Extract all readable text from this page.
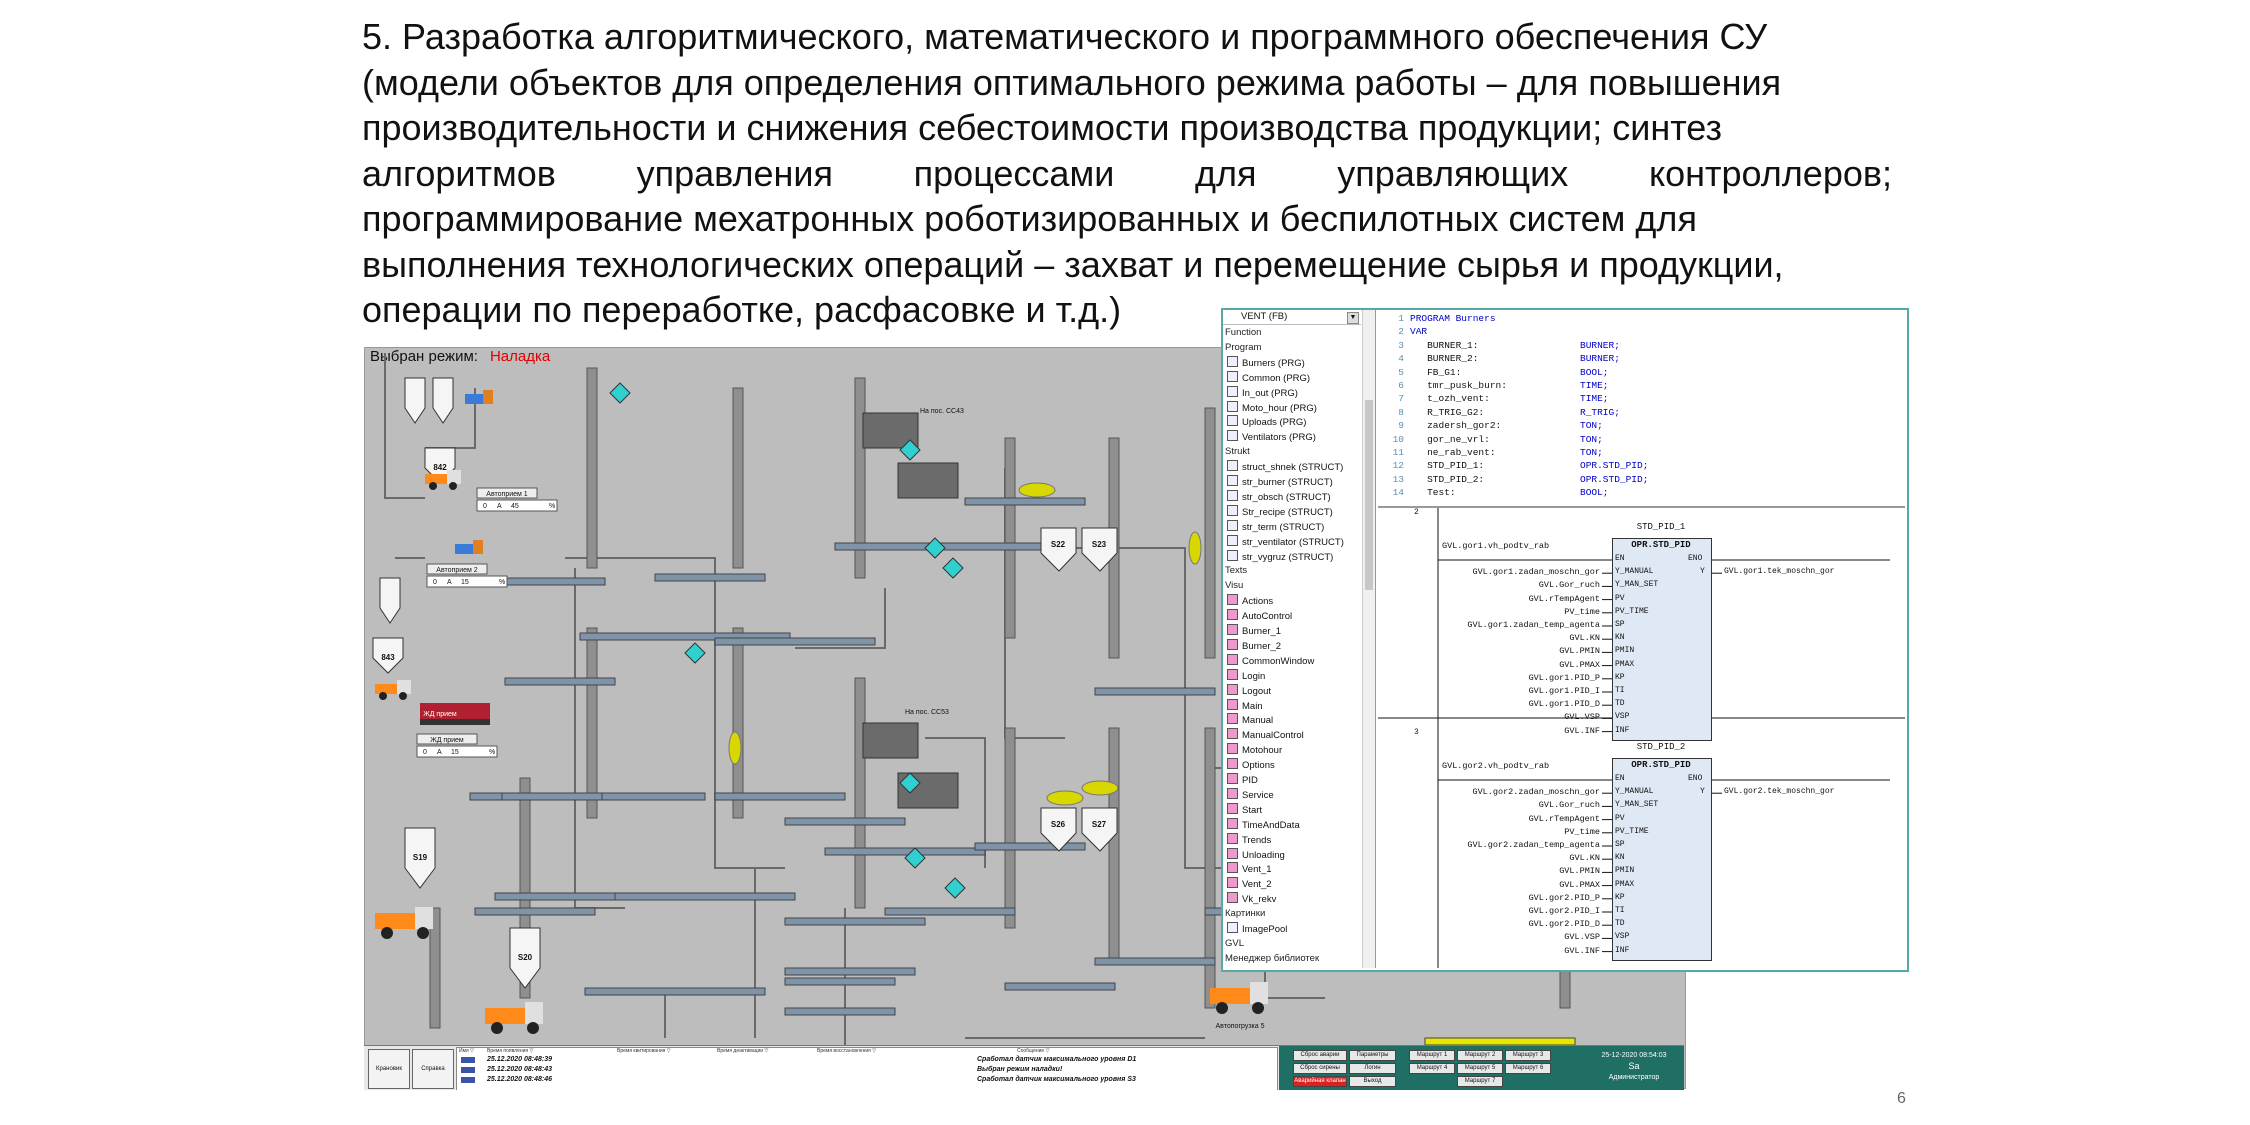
5. Разработка алгоритмического, математического и программного обеспечения СУ
(модели объектов для определения оптимального режима работы – для повышения
производительности и снижения себестоимости производства продукции; синтез
алгоритмов управления процессами для управляющих контроллеров;
программирование мехатронных роботизированных и беспилотных систем для
выполнения технологических операций – захват и перемещение сырья и продукции,
операции по переработке, расфасовке и т.д.)
Выбран режим: Наладка
842
843
S22	S23
S26	S27
S19
S20
Автоприем 1
0 А 45	%
Автоприем 2
0 А 15	%
ЖД прием
0 А 15	%
ЖД прием
Автопогрузка 5
На пос. СС43
На пос. СС53
Крановик	Справка
Имя ▽	Время появления ▽	Время квитирования ▽	Время деактивации ▽	Время восстановления ▽	Сообщение ▽
25.12.2020 08:48:39	Сработал датчик максимального уровня D1
25.12.2020 08:48:43	Выбран режим наладки!
25.12.2020 08:48:46	Сработал датчик максимального уровня S3
Сброс аварии	Параметры	Маршрут 1	Маршрут 2	Маршрут 3
Сброс сирены	Логин	Маршрут 4	Маршрут 5	Маршрут 6
Аварийная клапан	Выход	Маршрут 7
25-12-2020 08:54:03
Sa
Администратор
VENT (FB)	▼
Function
Program
Burners (PRG)
Common (PRG)
In_out (PRG)
Moto_hour (PRG)
Uploads (PRG)
Ventilators (PRG)
Strukt
struct_shnek (STRUCT)
str_burner (STRUCT)
str_obsch (STRUCT)
Str_recipe (STRUCT)
str_term (STRUCT)
str_ventilator (STRUCT)
str_vygruz (STRUCT)
Texts
Visu
Actions
AutoControl
Burner_1
Burner_2
CommonWindow
Login
Logout
Main
Manual
ManualControl
Motohour
Options
PID
Service
Start
TimeAndData
Trends
Unloading
Vent_1
Vent_2
Vk_rekv
Картинки
ImagePool
GVL
Менеджер библиотек
1 PROGRAM Burners
2 VAR
3   BURNER_1:	BURNER;
4   BURNER_2:	BURNER;
5   FB_G1:	BOOL;
6   tmr_pusk_burn:	TIME;
7   t_ozh_vent:	TIME;
8   R_TRIG_G2:	R_TRIG;
9   zadersh_gor2:	TON;
10   gor_ne_vrl:	TON;
11   ne_rab_vent:	TON;
12   STD_PID_1:	OPR.STD_PID;
13   STD_PID_2:	OPR.STD_PID;
14   Test:	BOOL;
2
STD_PID_1
OPR.STD_PID
GVL.gor1.vh_podtv_rab
EN
Y_MANUAL
GVL.gor1.zadan_moschn_gor
Y_MAN_SET
GVL.Gor_ruch
PV
GVL.rTempAgent
PV_TIME
PV_time
SP
GVL.gor1.zadan_temp_agenta
KN
GVL.KN
PMIN
GVL.PMIN
PMAX
GVL.PMAX
KP
GVL.gor1.PID_P
TI
GVL.gor1.PID_I
TD
GVL.gor1.PID_D
VSP
GVL.VSP
INF
GVL.INF
ENO
Y GVL.gor1.tek_moschn_gor
3
STD_PID_2
OPR.STD_PID
GVL.gor2.vh_podtv_rab
EN
Y_MANUAL
GVL.gor2.zadan_moschn_gor
Y_MAN_SET
GVL.Gor_ruch
PV
GVL.rTempAgent
PV_TIME
PV_time
SP
GVL.gor2.zadan_temp_agenta
KN
GVL.KN
PMIN
GVL.PMIN
PMAX
GVL.PMAX
KP
GVL.gor2.PID_P
TI
GVL.gor2.PID_I
TD
GVL.gor2.PID_D
VSP
GVL.VSP
INF
GVL.INF
ENO
Y GVL.gor2.tek_moschn_gor
6
